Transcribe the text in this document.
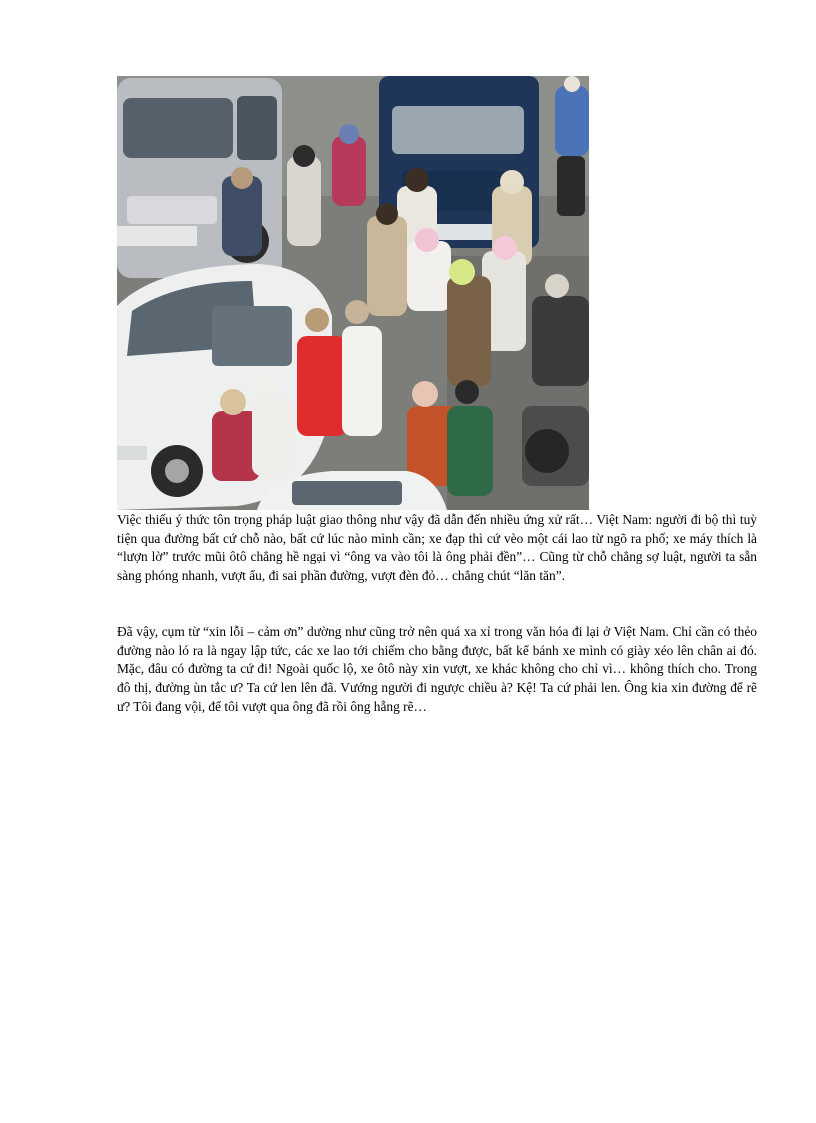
Việc thiếu ý thức tôn trọng pháp luật giao thông như vậy đã dẫn đến nhiều ứng xử rất… Việt Nam: người đi bộ thì tuỳ tiện qua đường bất cứ chỗ nào, bất cứ lúc nào mình cần; xe đạp thì cứ vèo một cái lao từ ngõ ra phố; xe máy thích là “lượn lờ” trước mũi ôtô chẳng hề ngại vì “ông va vào tôi là ông phải đền”… Cũng từ chỗ chẳng sợ luật, người ta sẵn sàng phóng nhanh, vượt ẩu, đi sai phần đường, vượt đèn đỏ… chẳng chút “lăn tăn”.

Đã vậy, cụm từ “xin lỗi – cảm ơn” dường như cũng trở nên quá xa xỉ trong văn hóa đi lại ở Việt Nam. Chỉ cần có thẻo đường nào ló ra là ngay lập tức, các xe lao tới chiếm cho bằng được, bất kể bánh xe mình có giày xéo lên chân ai đó. Mặc, đâu có đường ta cứ đi! Ngoài quốc lộ, xe ôtô này xin vượt, xe khác không cho chỉ vì… không thích cho. Trong đô thị, đường ùn tắc ư? Ta cứ len lên đã. Vướng người đi ngược chiều à? Kệ! Ta cứ phải len. Ông kia xin đường để rẽ ư? Tôi đang vội, để tôi vượt qua ông đã rồi ông hẵng rẽ…
